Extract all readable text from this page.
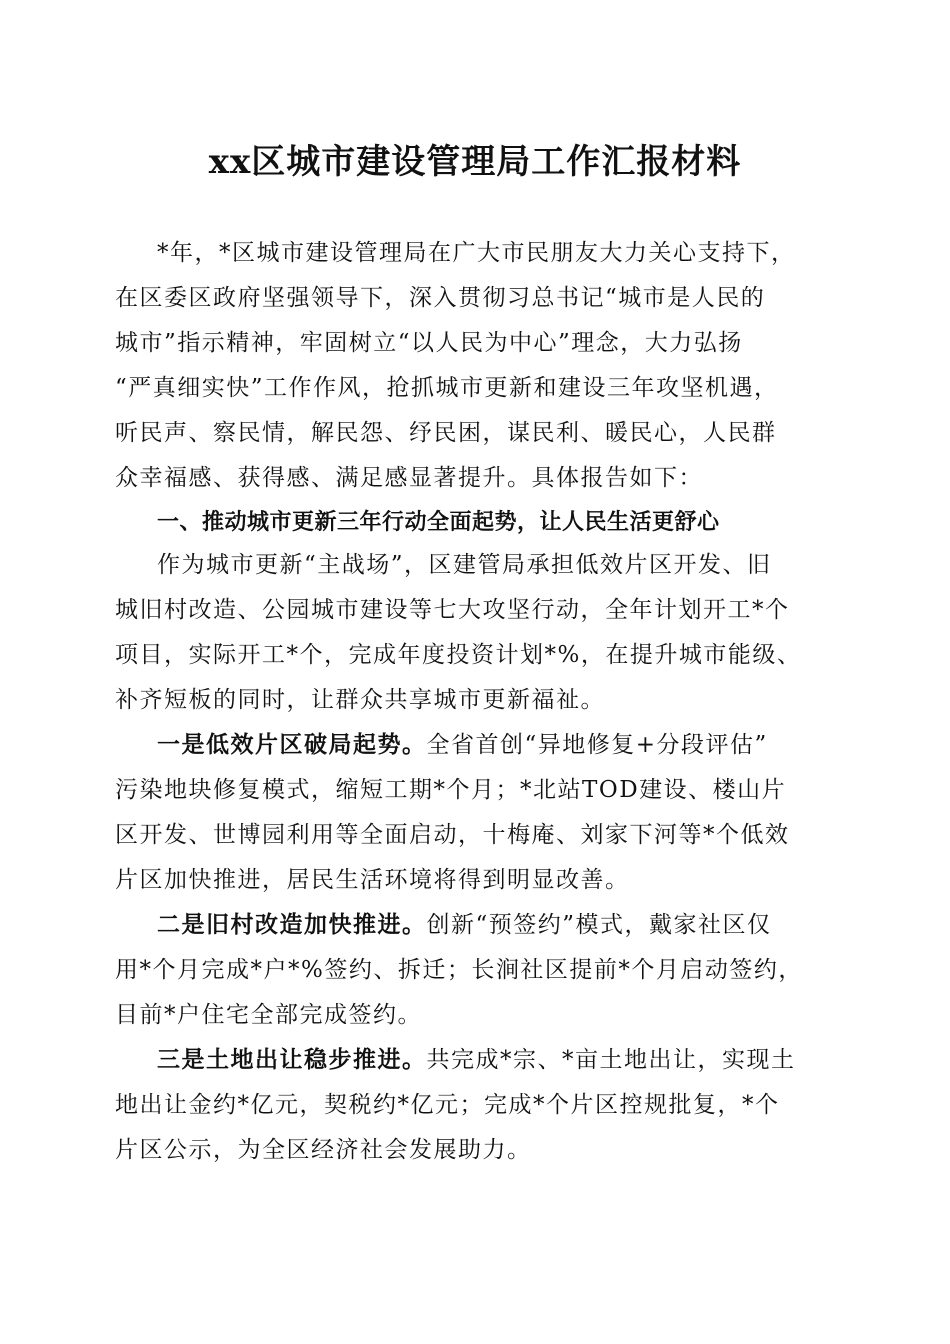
xx区城市建设管理局工作汇报材料
*年，*区城市建设管理局在广大市民朋友大力关心支持下，
在区委区政府坚强领导下，深入贯彻习总书记“城市是人民的
城市”指示精神，牢固树立“以人民为中心”理念，大力弘扬
“严真细实快”工作作风，抢抓城市更新和建设三年攻坚机遇，
听民声、察民情，解民怨、纾民困，谋民利、暖民心，人民群
众幸福感、获得感、满足感显著提升。具体报告如下：
一、推动城市更新三年行动全面起势，让人民生活更舒心
作为城市更新“主战场”，区建管局承担低效片区开发、旧
城旧村改造、公园城市建设等七大攻坚行动，全年计划开工*个
项目，实际开工*个，完成年度投资计划*%，在提升城市能级、
补齐短板的同时，让群众共享城市更新福祉。
一是低效片区破局起势。全省首创“异地修复+分段评估”
污染地块修复模式，缩短工期*个月；*北站TOD建设、楼山片
区开发、世博园利用等全面启动，十梅庵、刘家下河等*个低效
片区加快推进，居民生活环境将得到明显改善。
二是旧村改造加快推进。创新“预签约”模式，戴家社区仅
用*个月完成*户*%签约、拆迁；长涧社区提前*个月启动签约，
目前*户住宅全部完成签约。
三是土地出让稳步推进。共完成*宗、*亩土地出让，实现土
地出让金约*亿元，契税约*亿元；完成*个片区控规批复，*个
片区公示，为全区经济社会发展助力。
